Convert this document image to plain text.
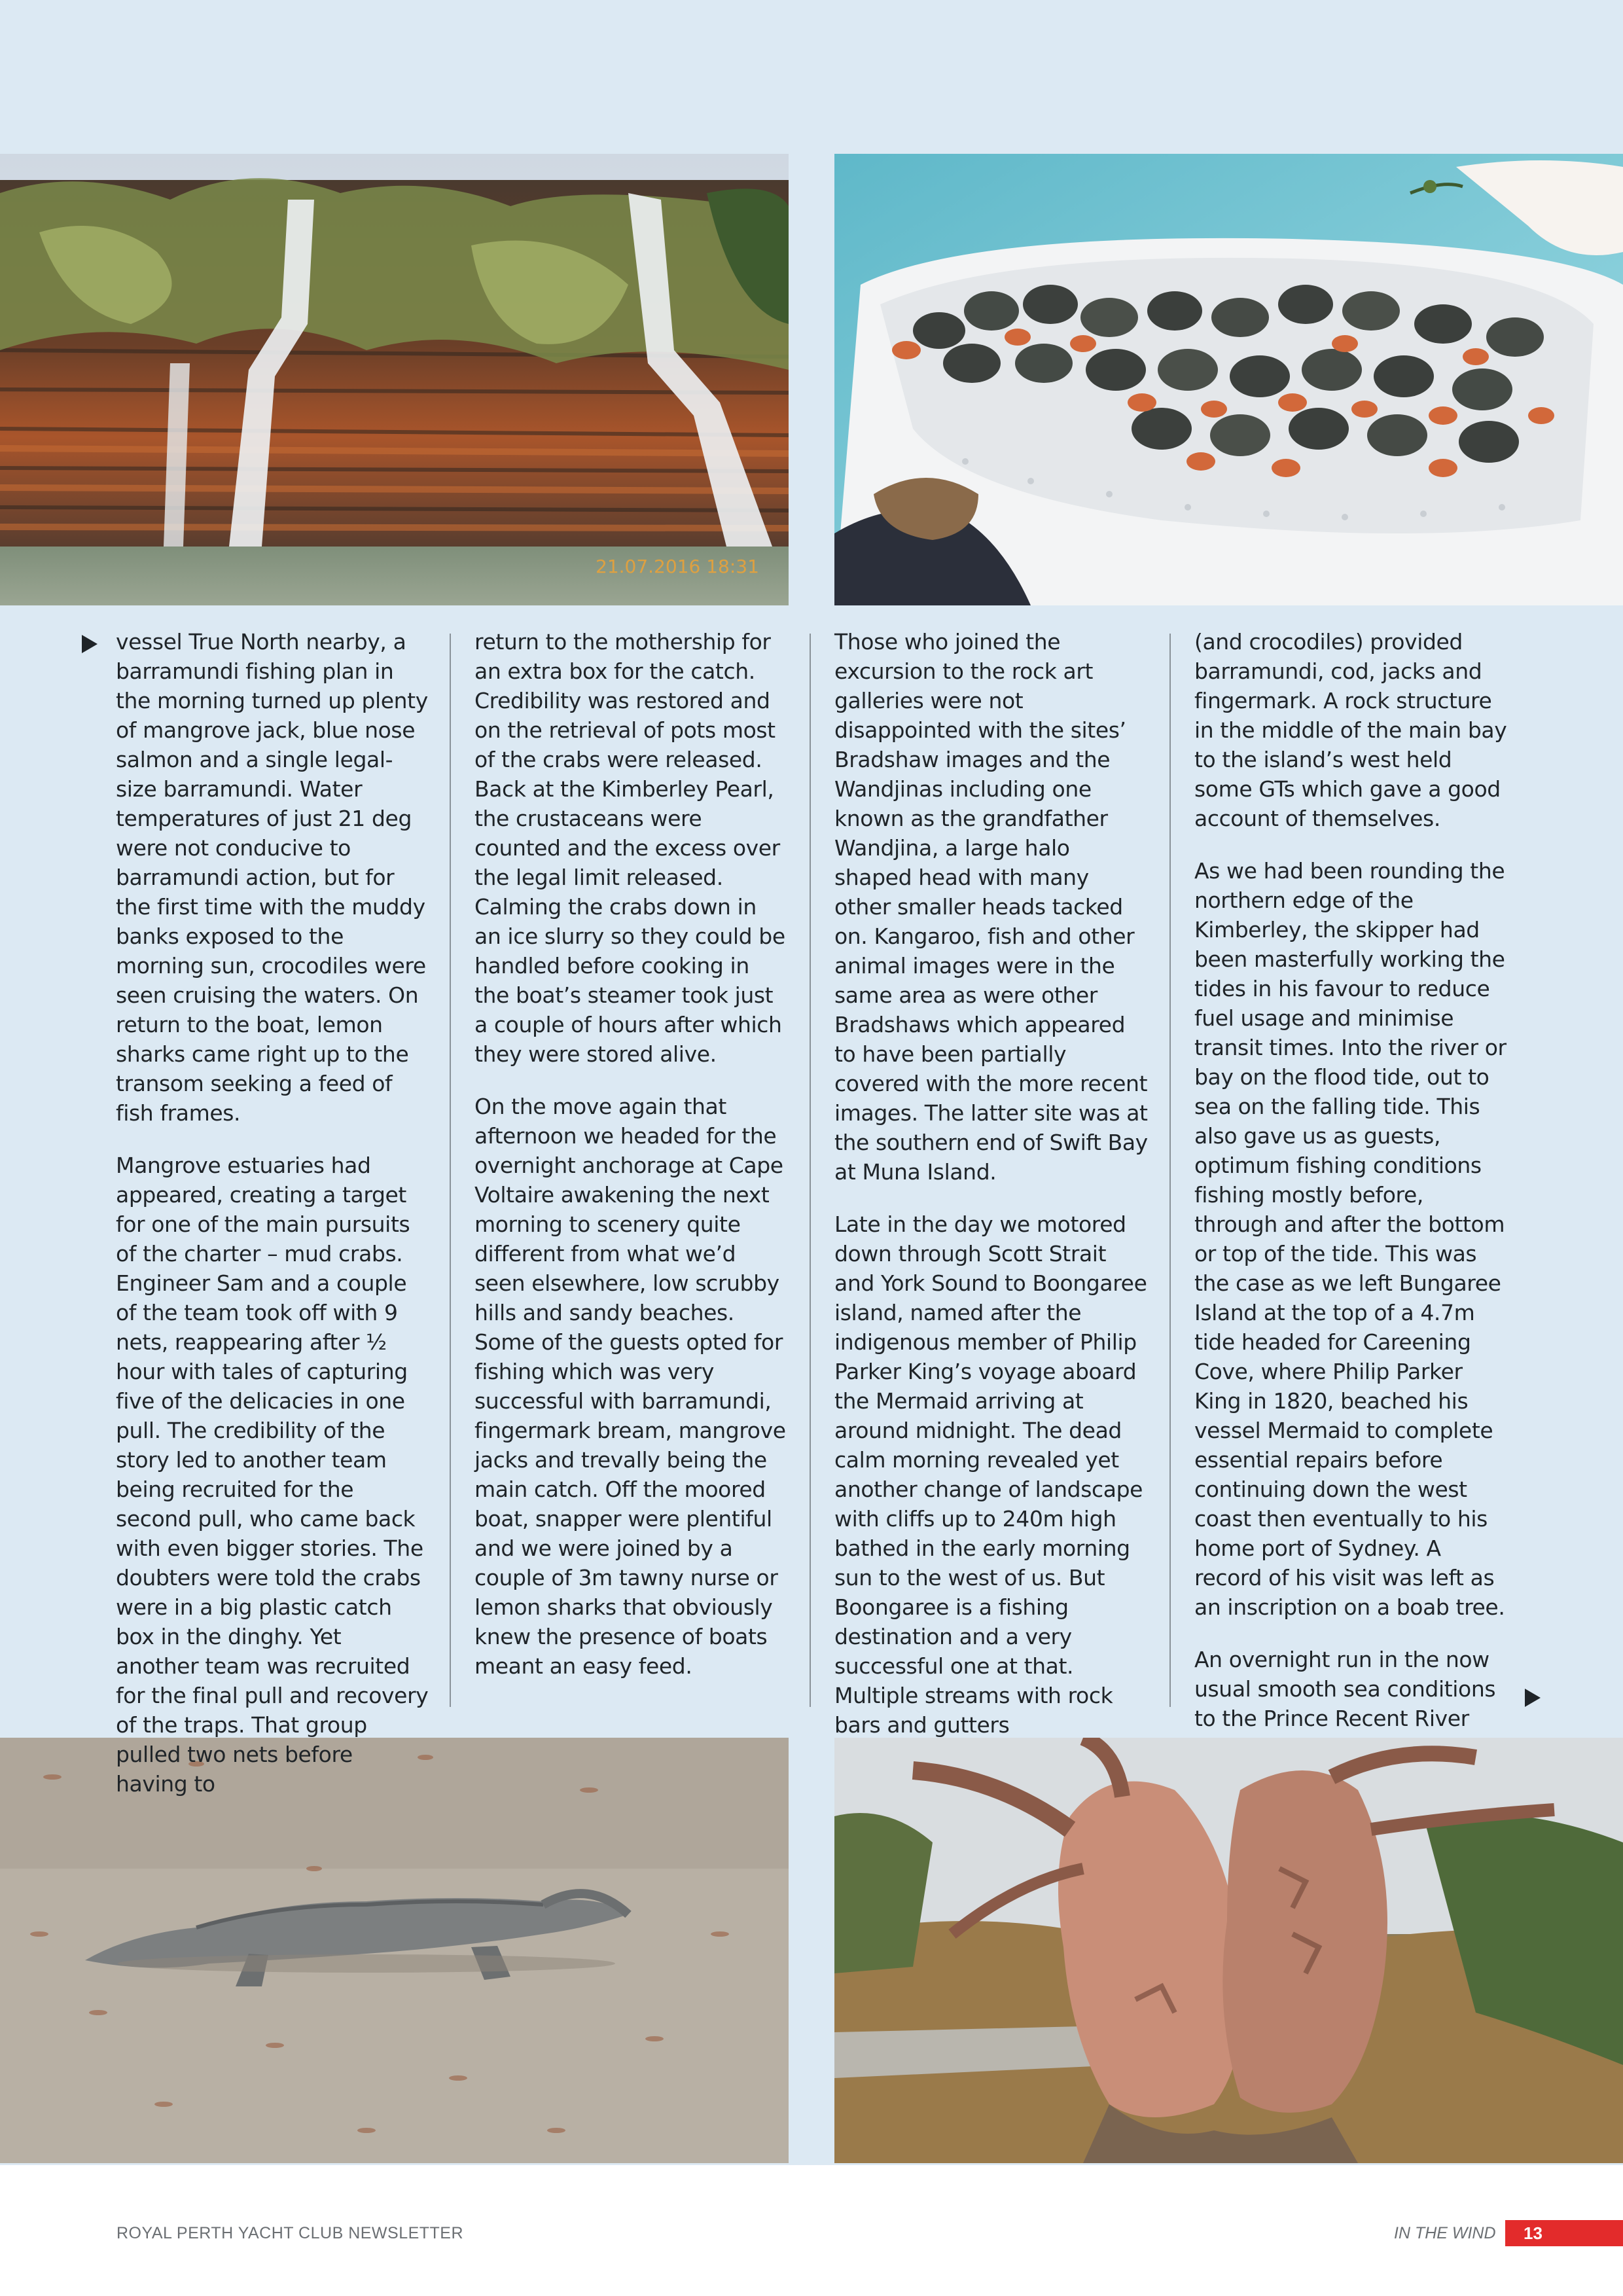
21.07.2016 18:31

vessel True North nearby, a barramundi fishing plan in the morning turned up plenty of mangrove jack, blue nose salmon and a single legal-size barramundi. Water temperatures of just 21 deg were not conducive to barramundi action, but for the first time with the muddy banks exposed to the morning sun, crocodiles were seen cruising the waters. On return to the boat, lemon sharks came right up to the transom seeking a feed of fish frames.

Mangrove estuaries had appeared, creating a target for one of the main pursuits of the charter – mud crabs. Engineer Sam and a couple of the team took off with 9 nets, reappearing after ½ hour with tales of capturing five of the delicacies in one pull. The credibility of the story led to another team being recruited for the second pull, who came back with even bigger stories. The doubters were told the crabs were in a big plastic catch box in the dinghy. Yet another team was recruited for the final pull and recovery of the traps. That group pulled two nets before having to

return to the mothership for an extra box for the catch. Credibility was restored and on the retrieval of pots most of the crabs were released. Back at the Kimberley Pearl, the crustaceans were counted and the excess over the legal limit released. Calming the crabs down in an ice slurry so they could be handled before cooking in the boat’s steamer took just a couple of hours after which they were stored alive.

On the move again that afternoon we headed for the overnight anchorage at Cape Voltaire awakening the next morning to scenery quite different from what we’d seen elsewhere, low scrubby hills and sandy beaches. Some of the guests opted for fishing which was very successful with barramundi, fingermark bream, mangrove jacks and trevally being the main catch. Off the moored boat, snapper were plentiful and we were joined by a couple of 3m tawny nurse or lemon sharks that obviously knew the presence of boats meant an easy feed.

Those who joined the excursion to the rock art galleries were not disappointed with the sites’ Bradshaw images and the Wandjinas including one known as the grandfather Wandjina, a large halo shaped head with many other smaller heads tacked on. Kangaroo, fish and other animal images were in the same area as were other Bradshaws which appeared to have been partially covered with the more recent images. The latter site was at the southern end of Swift Bay at Muna Island.

Late in the day we motored down through Scott Strait and York Sound to Boongaree island, named after the indigenous member of Philip Parker King’s voyage aboard the Mermaid arriving at around midnight. The dead calm morning revealed yet another change of landscape with cliffs up to 240m high bathed in the early morning sun to the west of us. But Boongaree is a fishing destination and a very successful one at that. Multiple streams with rock bars and gutters

(and crocodiles) provided barramundi, cod, jacks and fingermark. A rock structure in the middle of the main bay to the island’s west held some GTs which gave a good account of themselves.

As we had been rounding the northern edge of the Kimberley, the skipper had been masterfully working the tides in his favour to reduce fuel usage and minimise transit times. Into the river or bay on the flood tide, out to sea on the falling tide. This also gave us as guests, optimum fishing conditions fishing mostly before, through and after the bottom or top of the tide. This was the case as we left Bungaree Island at the top of a 4.7m tide headed for Careening Cove, where Philip Parker King in 1820, beached his vessel Mermaid to complete essential repairs before continuing down the west coast then eventually to his home port of Sydney. A record of his visit was left as an inscription on a boab tree.

An overnight run in the now usual smooth sea conditions to the Prince Recent River

ROYAL PERTH YACHT CLUB NEWSLETTER	IN THE WIND	13
